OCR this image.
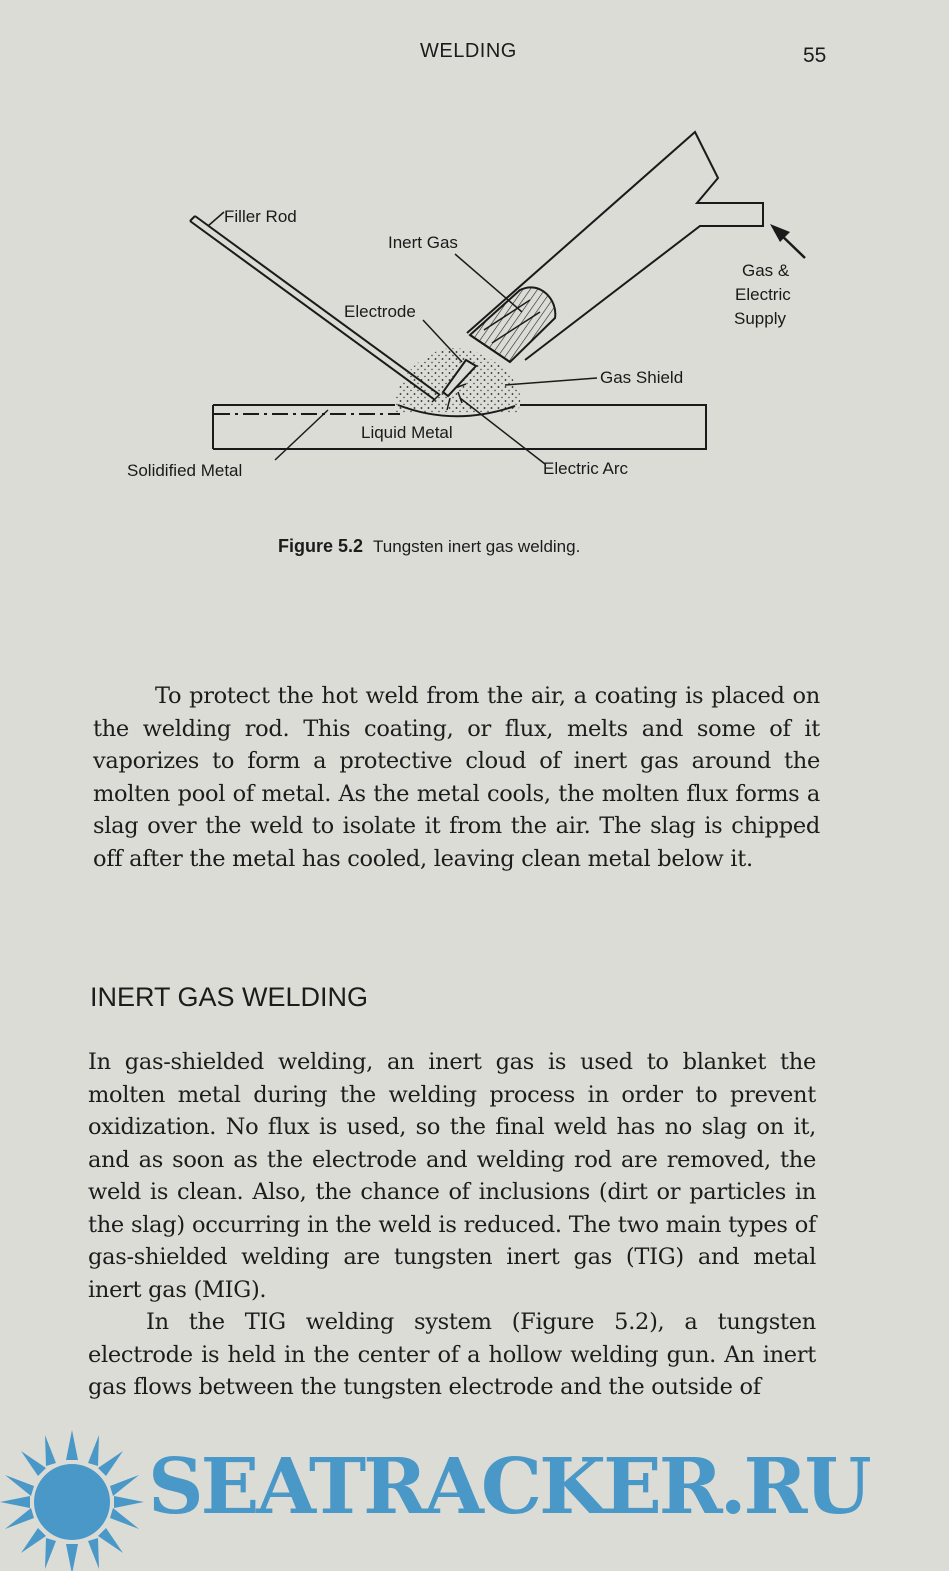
WELDING	55
Filler Rod
Inert Gas
Gas &
Electric
Supply
Electrode
Gas Shield
Liquid Metal
Solidified Metal	Electric Arc
Figure 5.2 Tungsten inert gas welding.

To protect the hot weld from the air, a coating is placed on the welding rod. This coating, or flux, melts and some of it vaporizes to form a protective cloud of inert gas around the molten pool of metal. As the metal cools, the molten flux forms a slag over the weld to isolate it from the air. The slag is chipped off after the metal has cooled, leaving clean metal below it.

INERT GAS WELDING

In gas-shielded welding, an inert gas is used to blanket the molten metal during the welding process in order to prevent oxidization. No flux is used, so the final weld has no slag on it, and as soon as the electrode and welding rod are removed, the weld is clean. Also, the chance of inclusions (dirt or particles in the slag) occurring in the weld is reduced. The two main types of gas-shielded welding are tungsten inert gas (TIG) and metal inert gas (MIG).

In the TIG welding system (Figure 5.2), a tungsten electrode is held in the center of a hollow welding gun. An inert gas flows between the tungsten electrode and the outside of

SEATRACKER.RU
